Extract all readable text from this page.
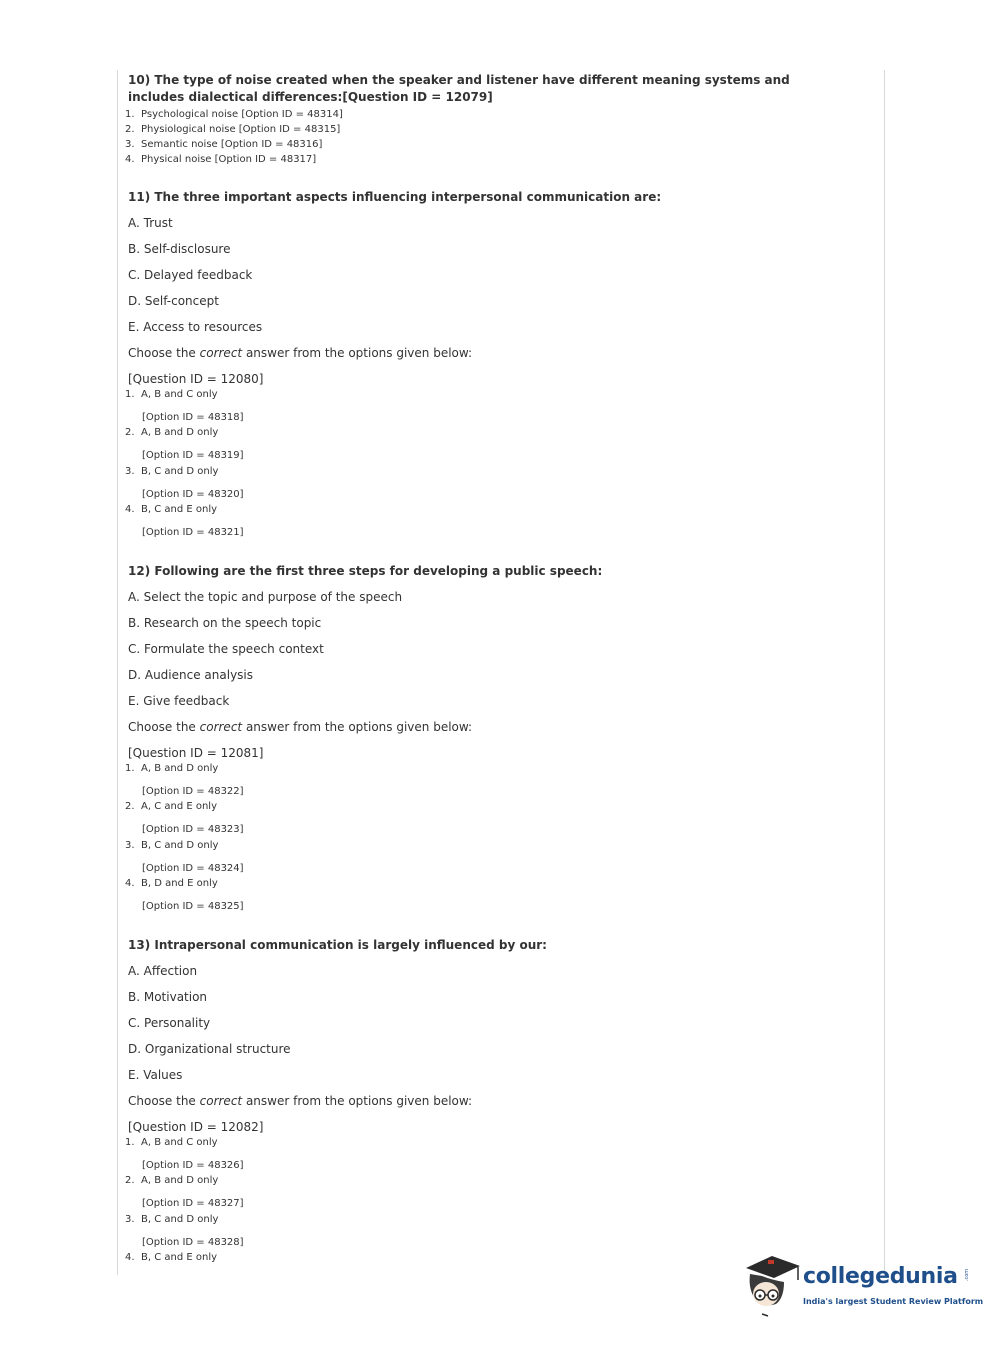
10) The type of noise created when the speaker and listener have different meaning systems and includes dialectical differences:[Question ID = 12079]
1. Psychological noise [Option ID = 48314]
2. Physiological noise [Option ID = 48315]
3. Semantic noise [Option ID = 48316]
4. Physical noise [Option ID = 48317]
11) The three important aspects influencing interpersonal communication are:
A. Trust
B. Self-disclosure
C. Delayed feedback
D. Self-concept
E. Access to resources
Choose the correct answer from the options given below:
[Question ID = 12080]
1. A, B and C only
[Option ID = 48318]
2. A, B and D only
[Option ID = 48319]
3. B, C and D only
[Option ID = 48320]
4. B, C and E only
[Option ID = 48321]
12) Following are the first three steps for developing a public speech:
A. Select the topic and purpose of the speech
B. Research on the speech topic
C. Formulate the speech context
D. Audience analysis
E. Give feedback
Choose the correct answer from the options given below:
[Question ID = 12081]
1. A, B and D only
[Option ID = 48322]
2. A, C and E only
[Option ID = 48323]
3. B, C and D only
[Option ID = 48324]
4. B, D and E only
[Option ID = 48325]
13) Intrapersonal communication is largely influenced by our:
A. Affection
B. Motivation
C. Personality
D. Organizational structure
E. Values
Choose the correct answer from the options given below:
[Question ID = 12082]
1. A, B and C only
[Option ID = 48326]
2. A, B and D only
[Option ID = 48327]
3. B, C and D only
[Option ID = 48328]
4. B, C and E only
collegedunia .com
India's largest Student Review Platform
